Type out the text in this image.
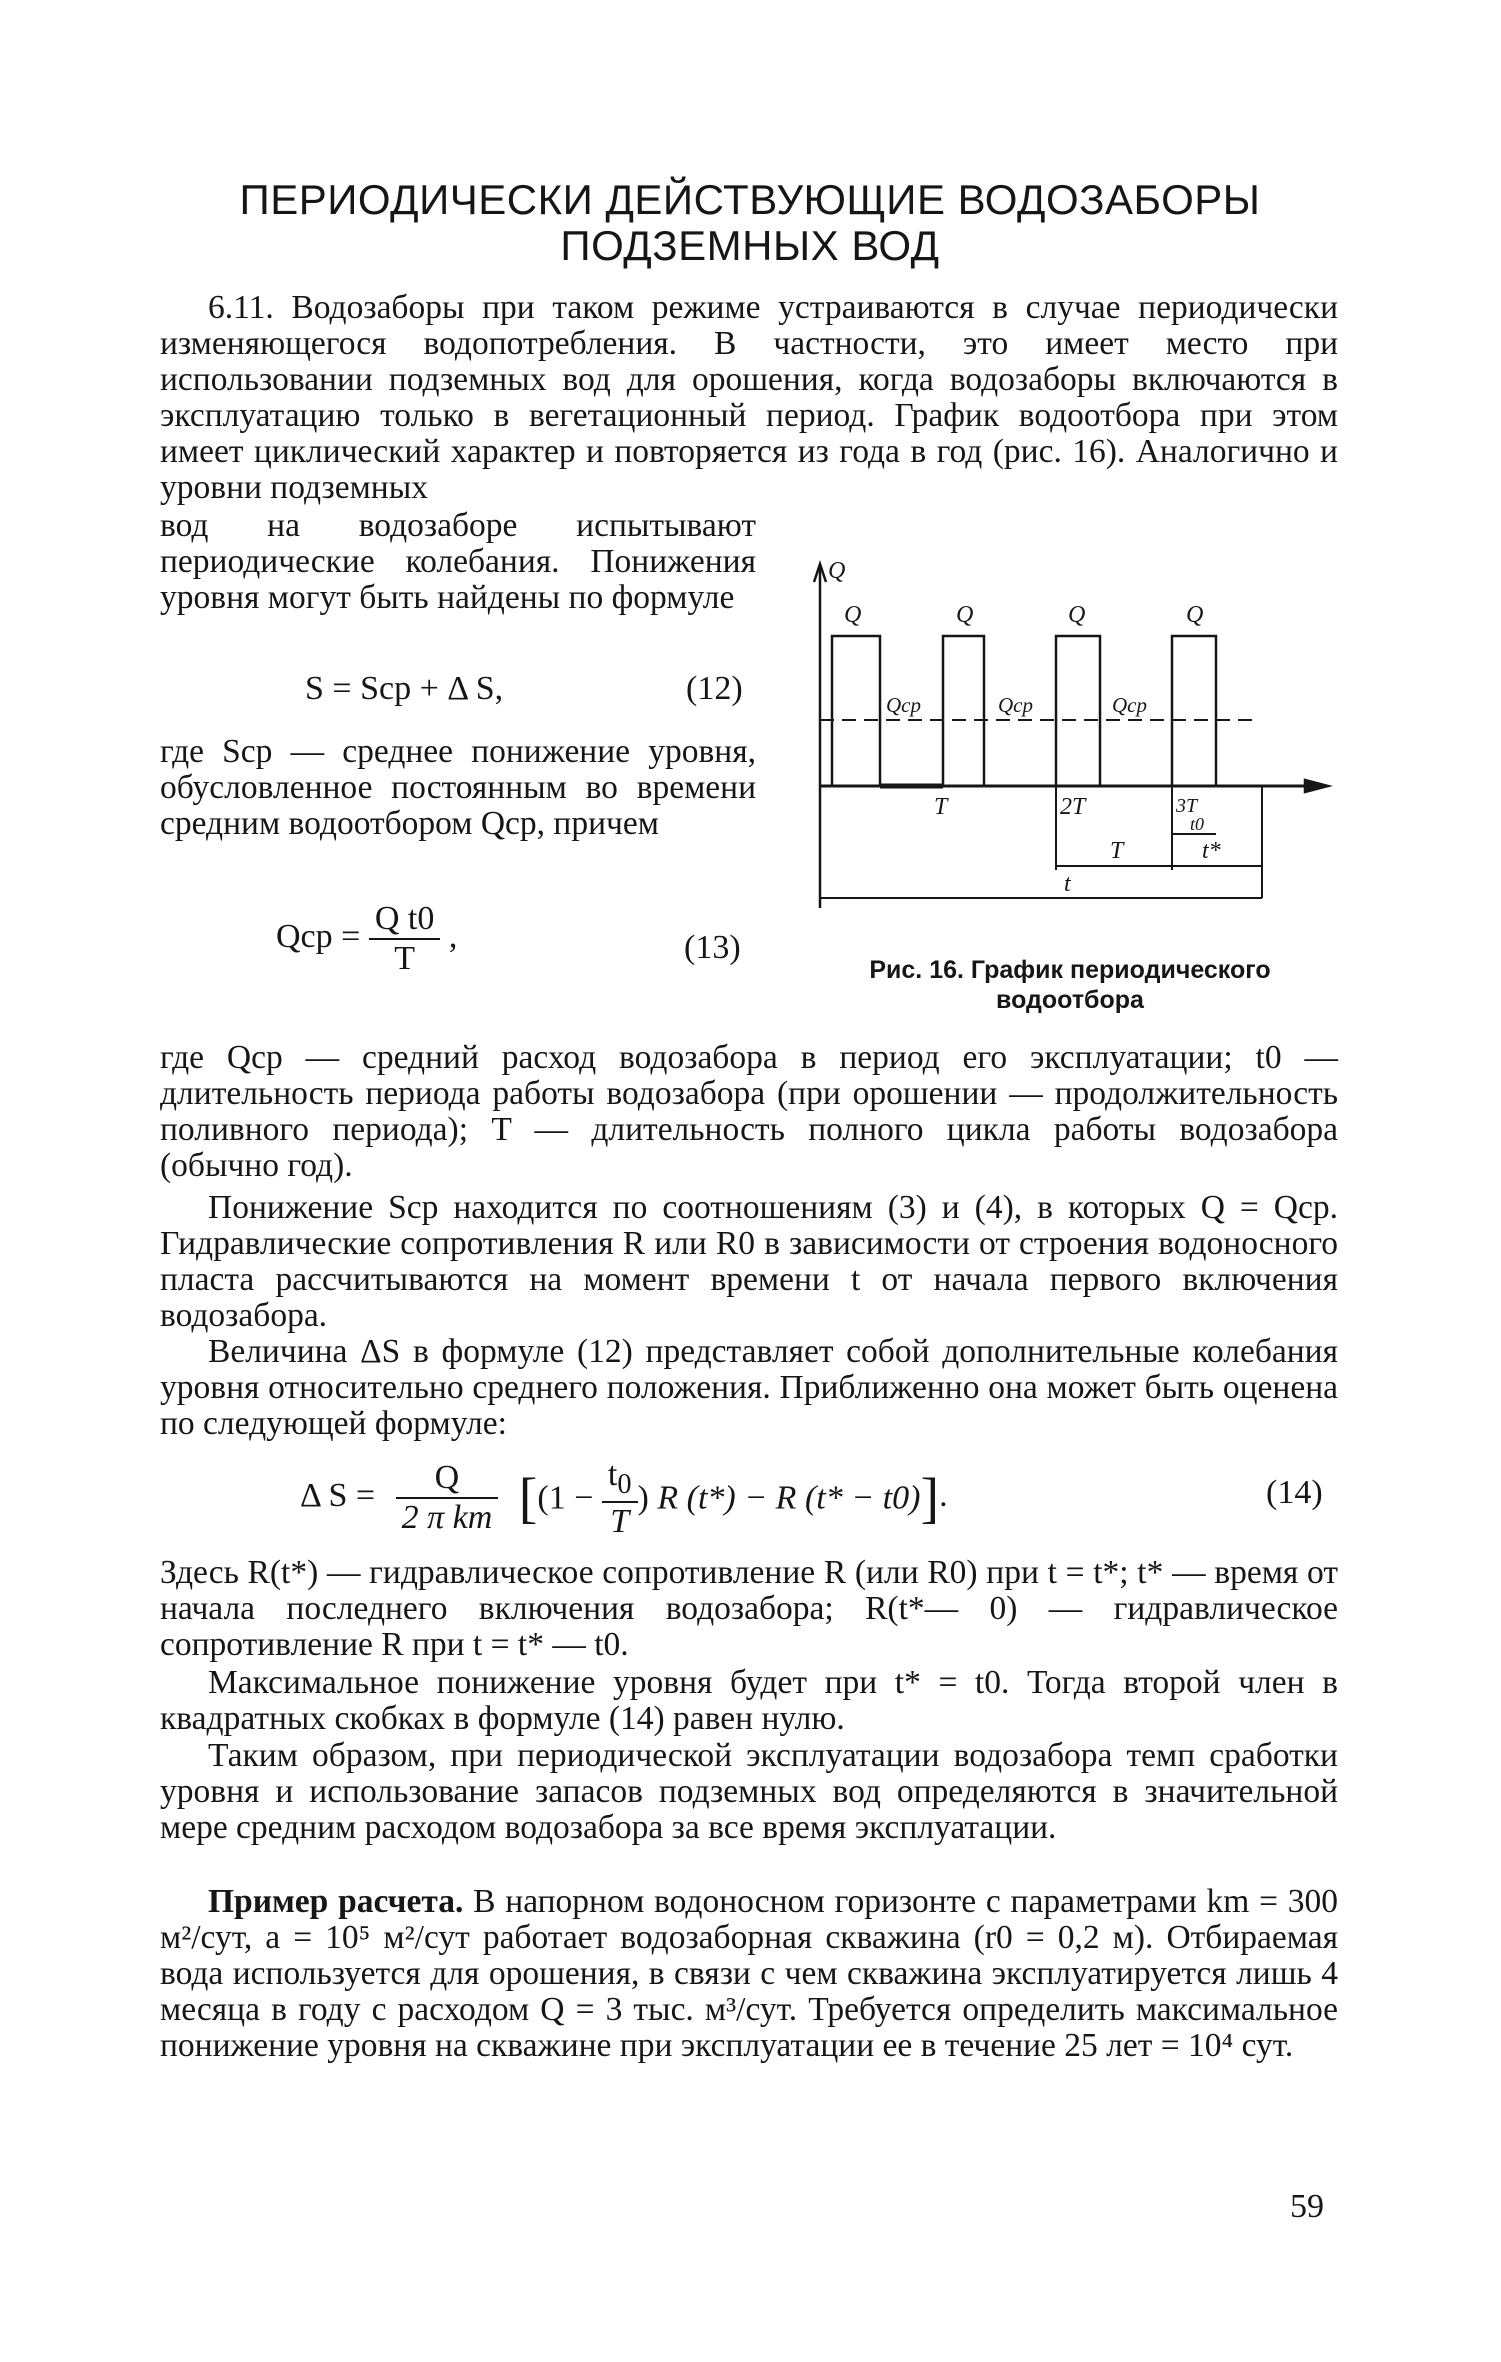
ПЕРИОДИЧЕСКИ ДЕЙСТВУЮЩИЕ ВОДОЗАБОРЫ
ПОДЗЕМНЫХ ВОД

6.11. Водозаборы при таком режиме устраиваются в случае периодически изменяющегося водопотребления. В частности, это имеет место при использовании подземных вод для орошения, когда водозаборы включаются в эксплуатацию только в вегетационный период. График водоотбора при этом имеет циклический характер и повторяется из года в год (рис. 16). Аналогично и уровни подземных

вод на водозаборе испытывают периодические колебания. Понижения уровня могут быть найдены по формуле

S = Sср + Δ S,	(12)

где Sср — среднее понижение уровня, обусловленное постоянным во времени средним водоотбором Qср, причем

Qср = $\frac{\text{Q t0}}{T}$ ,	(13)
Q
Q	Q	Q	Q
Qср	Qср	Qср
T	2T	3T
t0
T	t*
t
Рис. 16. График периодического водоотбора

где Qср — средний расход водозабора в период его эксплуатации; t0 — длительность периода работы водозабора (при орошении — продолжительность поливного периода); T — длительность полного цикла работы водозабора (обычно год).

Понижение Sср находится по соотношениям (3) и (4), в которых Q = Qср. Гидравлические сопротивления R или R0 в зависимости от строения водоносного пласта рассчитываются на момент времени t от начала первого включения водозабора.

Величина ΔS в формуле (12) представляет собой дополнительные колебания уровня относительно среднего положения. Приближенно она может быть оценена по следующей формуле:

Δ $S = \frac{Q}{\text{2 π km}} [(1 - \frac{t_0}{T}$ ) R (t*) − R (t* − t0)].	(14)

Здесь R(t*) — гидравлическое сопротивление R (или R0) при t = t*; t* — время от начала последнего включения водозабора; R(t*— 0) — гидравлическое сопротивление R при t = t* — t0.

Максимальное понижение уровня будет при t* = t0. Тогда второй член в квадратных скобках в формуле (14) равен нулю.

Таким образом, при периодической эксплуатации водозабора темп сработки уровня и использование запасов подземных вод определяются в значительной мере средним расходом водозабора за все время эксплуатации.

Пример расчета. В напорном водоносном горизонте с параметрами km = 300 м²/сут, a = 10⁵ м²/сут работает водозаборная скважина (r0 = 0,2 м). Отбираемая вода используется для орошения, в связи с чем скважина эксплуатируется лишь 4 месяца в году с расходом Q = 3 тыс. м³/сут. Требуется определить максимальное понижение уровня на скважине при эксплуатации ее в течение 25 лет = 10⁴ сут.

59
